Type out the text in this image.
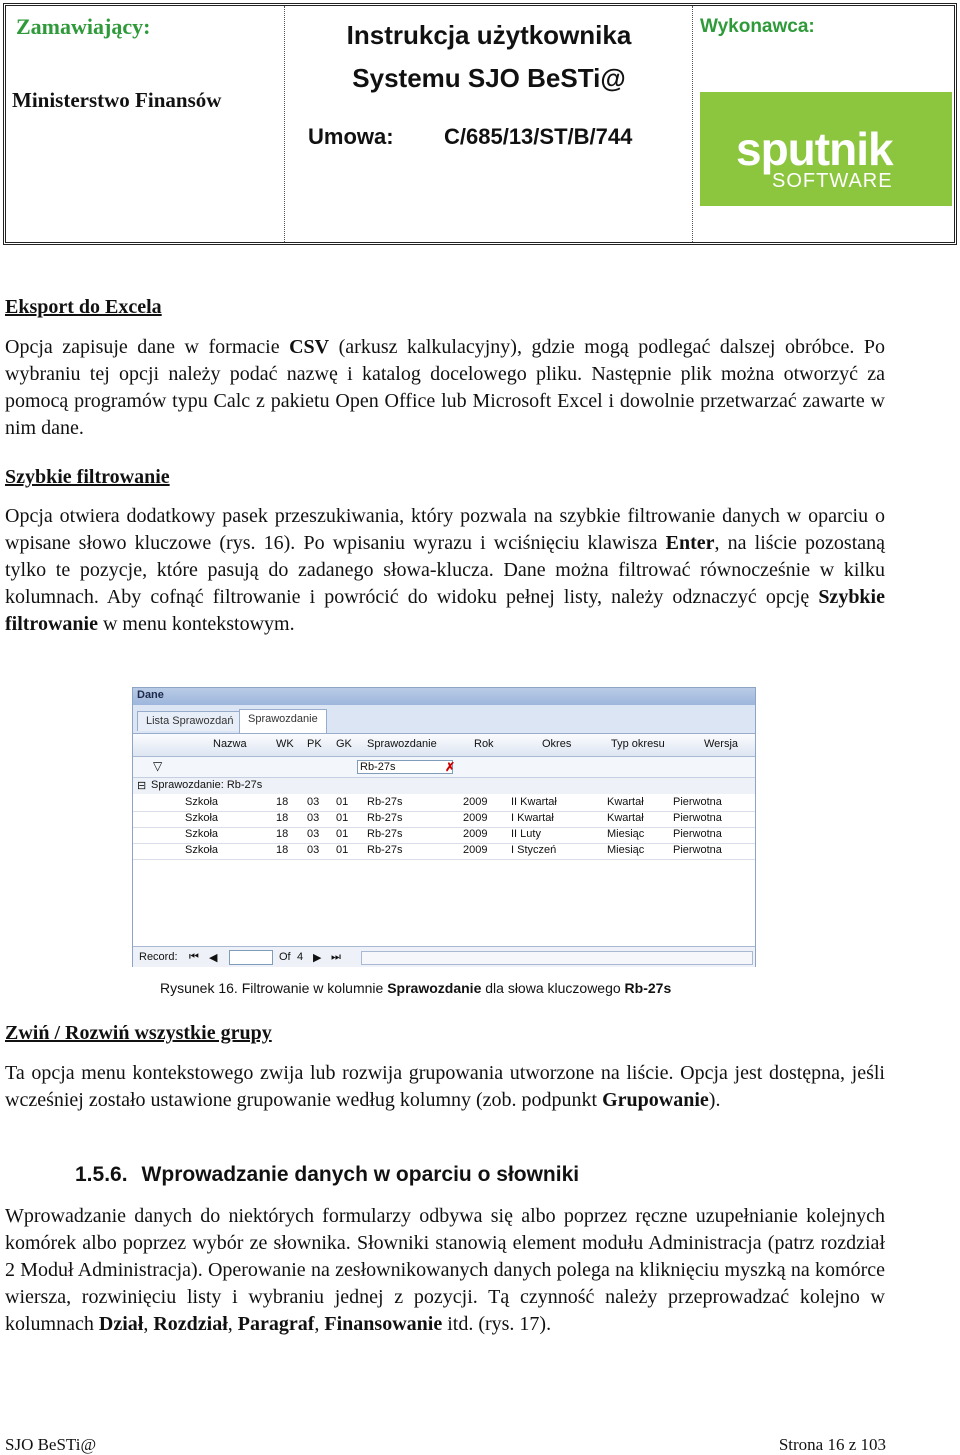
Zamawiający:
Ministerstwo Finansów
Instrukcja użytkownika
Systemu SJO BeSTi@
Umowa: C/685/13/ST/B/744
Wykonawca:
sputnik
SOFTWARE
Eksport do Excela
Opcja zapisuje dane w formacie CSV (arkusz kalkulacyjny), gdzie mogą podlegać dalszej obróbce. Po wybraniu tej opcji należy podać nazwę i katalog docelowego pliku. Następnie plik można otworzyć za pomocą programów typu Calc z pakietu Open Office lub Microsoft Excel i dowolnie przetwarzać zawarte w nim dane.
Szybkie filtrowanie
Opcja otwiera dodatkowy pasek przeszukiwania, który pozwala na szybkie filtrowanie danych w oparciu o wpisane słowo kluczowe (rys. 16). Po wpisaniu wyrazu i wciśnięciu klawisza Enter, na liście pozostaną tylko te pozycje, które pasują do zadanego słowa-klucza. Dane można filtrować równocześnie w kilku kolumnach. Aby cofnąć filtrowanie i powrócić do widoku pełnej listy, należy odznaczyć opcję Szybkie filtrowanie w menu kontekstowym.
Dane
Lista Sprawozdań	Sprawozdanie
Nazwa	WK PK GK Sprawozdanie	Rok	Okres	Typ okresu	Wersja
▽	Rb-27s	✗
⊟ Sprawozdanie: Rb-27s
Szkoła	18 03 01 Rb-27s	2009 II Kwartał	Kwartał	Pierwotna
Szkoła	18 03 01 Rb-27s	2009 I Kwartał	Kwartał	Pierwotna
Szkoła	18 03 01 Rb-27s	2009 II Luty	Miesiąc	Pierwotna
Szkoła	18 03 01 Rb-27s	2009 I Styczeń	Miesiąc	Pierwotna
Record: ⏮ ◀	Of 4 ▶ ⏭
Rysunek 16. Filtrowanie w kolumnie Sprawozdanie dla słowa kluczowego Rb-27s
Zwiń / Rozwiń wszystkie grupy
Ta opcja menu kontekstowego zwija lub rozwija grupowania utworzone na liście. Opcja jest dostępna, jeśli wcześniej zostało ustawione grupowanie według kolumny (zob. podpunkt Grupowanie).
1.5.6. Wprowadzanie danych w oparciu o słowniki
Wprowadzanie danych do niektórych formularzy odbywa się albo poprzez ręczne uzupełnianie kolejnych komórek albo poprzez wybór ze słownika. Słowniki stanowią element modułu Administracja (patrz rozdział 2 Moduł Administracja). Operowanie na zesłownikowanych danych polega na kliknięciu myszką na komórce wiersza, rozwinięciu listy i wybraniu jednej z pozycji. Tą czynność należy przeprowadzać kolejno w kolumnach Dział, Rozdział, Paragraf, Finansowanie itd. (rys. 17).
SJO BeSTi@	Strona 16 z 103
